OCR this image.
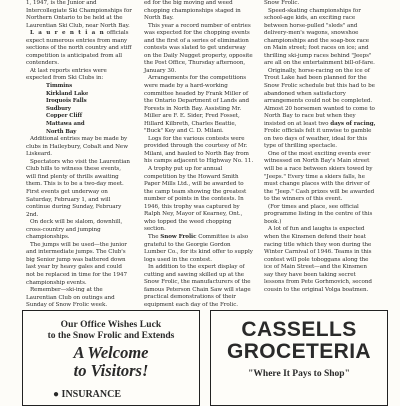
1, 1947, is the Junior and Intercollegiate Ski Championships for Northern Ontario to be held at the Laurentian Ski Club, near North Bay.

L a u r e n t i a n officials expect numerous entries from many sections of the north country and stiff competition is anticipated from all contenders.

At last reports entries were expected from Ski Clubs in:

Timmins
Kirkland Lake
Iroquois Falls
Sudbury
Copper Cliff
Mattawa and
North Bay

Additional entries may be made by clubs in Haileybury, Cobalt and New Liskeard.

Spectators who visit the Laurentian Club hills to witness these events, will find plenty of thrills awaiting them. This is to be a two-day meet. First events get underway on Saturday, February 1, and will continue during Sunday, February 2nd.

On deck will be slalom, downhill, cross-country and jumping championships.

The jumps will be used—the junior and intermediate jumps. The Club's big Senior jump was battered down last year by heavy gales and could not be replaced in time for the 1947 championship events.

Remember—ski-ing at the Laurentian Club on outings and Sunday of Snow Frolic week.

ed for the big moving and weed chopping championships staged in North Bay.

This year a record number of entries was expected for the chopping events and the first of a series of elimination contests was slated to get underway on the Daily Nugget property, opposite the Post Office, Thursday afternoon, January 30.

Arrangements for the competitions were made by a hard-working committee headed by Frank Miller of the Ontario Department of Lands and Forests in North Bay. Assisting Mr. Miller are F. E. Sider, Fred Fosset, Hillard Kilbreth, Charles Beattie, "Buck" Key and C. D. Milani.

Logs for the various contests were provided through the courtesy of Mr. Milani, and hauled to North Bay from his camps adjacent to Highway No. 11.

A trophy put up for annual competition by the Howard Smith Paper Mills Ltd., will be awarded to the camp team showing the greatest number of points in the contests. In 1946, this trophy was captured by Ralph Ney, Mayor of Kearney, Ont., who topped the weed chopping section.

The Snow Frolic Committee is also grateful to the Georgie Gordon Lumber Co., for its kind offer to supply logs used in the contest.

In addition to the expert display of cutting and sawing skilled up at the Snow Frolic, the manufacturers of the famous Peterson Chain Saw will stage practical demonstrations of their equipment each day of the Frolic.

Snow Frolic.

Speed-skating championships for school-age kids, an exciting race between horse-pulled "sleds" and delivery-men's wagons, snowshoe championships and the soap-box race on Main street; foot races on ice; and thrilling ski-jump races behind "Jeeps" are all on the entertainment bill-of-fare.

Originally, horse-racing on the ice of Trout Lake had been planned for the Snow Frolic schedule but this had to be abandoned when satisfactory arrangements could not be completed. Almost 20 horsemen wanted to come to North Bay to race but when they insisted on at least two days of racing, Frolic officials felt it unwise to gamble on two days of weather, ideal for this type of thrilling spectacle.

One of the most exciting events ever witnessed on North Bay's Main street will be a race between skiers towed by "Jeeps." Every time a skiers falls, he must change places with the driver of the "Jeep." Cash prizes will be awarded to the winners of this event.

(For times and place, see official programme listing in the centre of this book.)

A lot of fun and laughs is expected when the Kinsmen defend their heat racing title which they won during the Winter Carnival of 1946. Teams in this contest will pole toboggans along the ice of Main Street—and the Kinsmen say they have been taking secret lessons from Pete Gorhmovich, second cousin to the original Volga boatmen.

Our Office Wishes Luck
to the Snow Frolic and Extends
A Welcome
to Visitors!
● INSURANCE
CASSELLS
GROCETERIA
"Where It Pays to Shop"
